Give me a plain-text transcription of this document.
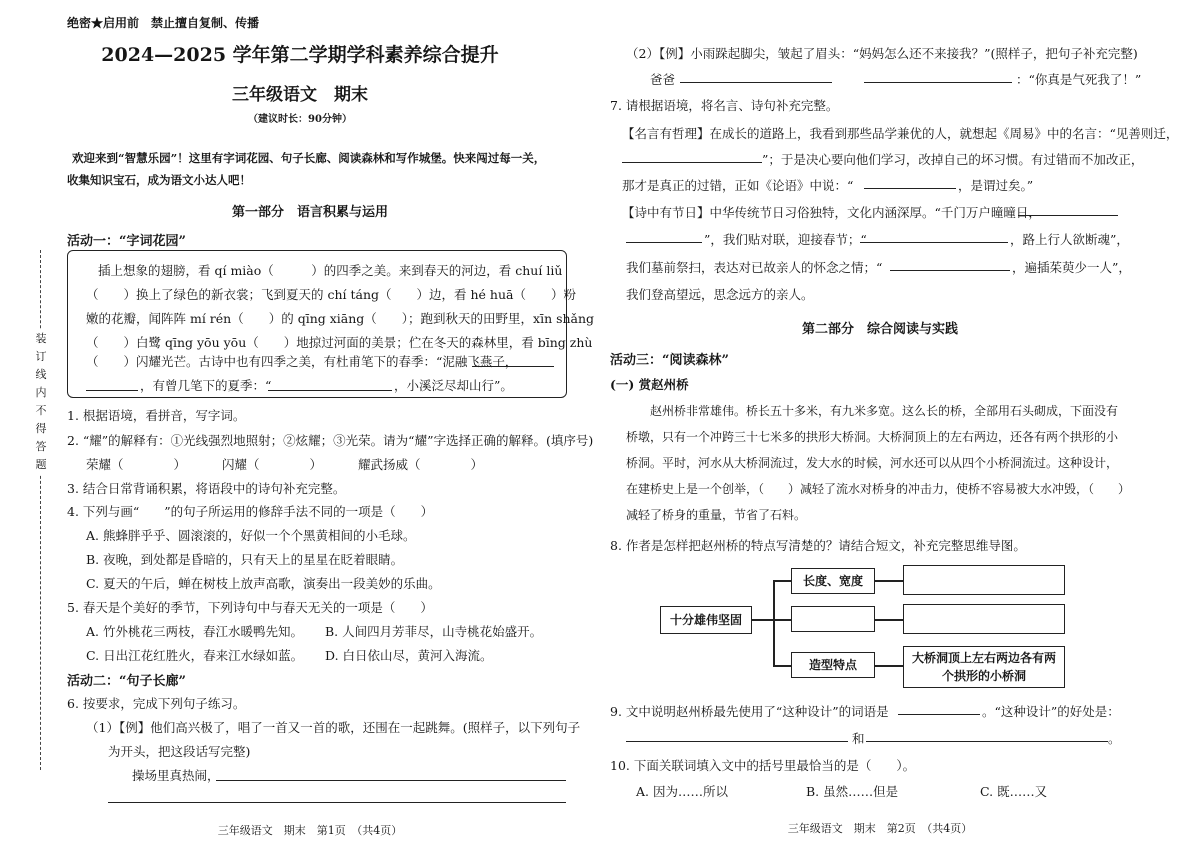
绝密★启用前　禁止擅自复制、传播
2024—2025 学年第二学期学科素养综合提升
三年级语文　期末
（建议时长：90分钟）
欢迎来到“智慧乐园”！这里有字词花园、句子长廊、阅读森林和写作城堡。快来闯过每一关，
收集知识宝石，成为语文小达人吧！
第一部分　语言积累与运用
活动一：“字词花园”
插上想象的翅膀，看 qí miào（　　　）的四季之美。来到春天的河边，看 chuí liǔ
（　　）换上了绿色的新衣裳；飞到夏天的 chí táng（　　）边，看 hé huā（　　）粉
嫩的花瓣，闻阵阵 mí rén（　　）的 qīng xiāng（　　）；跑到秋天的田野里，xīn shǎng
（　　）白鹭 qīng yōu yōu（　　）地掠过河面的美景；伫在冬天的森林里，看 bīng zhù
（　　）闪耀光芒。古诗中也有四季之美，有杜甫笔下的春季：“泥融飞燕子，
，有曾几笔下的夏季：“	，小溪泛尽却山行”。
1. 根据语境，看拼音，写字词。
2. “耀”的解释有：①光线强烈地照射；②炫耀；③光荣。请为“耀”字选择正确的解释。(填序号)
荣耀（　　　　）	闪耀（　　　　）	耀武扬威（　　　　）
3. 结合日常背诵积累，将语段中的诗句补充完整。
4. 下列与画“　　”的句子所运用的修辞手法不同的一项是（　　）
A. 熊蜂胖乎乎、圆滚滚的，好似一个个黑黄相间的小毛球。
B. 夜晚，到处都是昏暗的，只有天上的星星在眨着眼睛。
C. 夏天的午后，蝉在树枝上放声高歌，演奏出一段美妙的乐曲。
5. 春天是个美好的季节，下列诗句中与春天无关的一项是（　　）
A. 竹外桃花三两枝，春江水暖鸭先知。 B. 人间四月芳菲尽，山寺桃花始盛开。
C. 日出江花红胜火，春来江水绿如蓝。 D. 白日依山尽，黄河入海流。
活动二：“句子长廊”
6. 按要求，完成下列句子练习。
（1）【例】他们高兴极了，唱了一首又一首的歌，还围在一起跳舞。(照样子，以下列句子
为开头，把这段话写完整)
操场里真热闹，
三年级语文　期末　第1页　（共4页）
装订线内不得答题
（2）【例】小雨跺起脚尖，皱起了眉头：“妈妈怎么还不来接我？”(照样子，把句子补充完整)
爸爸	：“你真是气死我了！”
7. 请根据语境，将名言、诗句补充完整。
【名言有哲理】在成长的道路上，我看到那些品学兼优的人，就想起《周易》中的名言：“见善则迁，
”；于是决心要向他们学习，改掉自己的坏习惯。有过错而不加改正，
那才是真正的过错，正如《论语》中说：“	，是谓过矣。”
【诗中有节日】中华传统节日习俗独特，文化内涵深厚。“千门万户曈曈日，
”，我们贴对联，迎接春节；“	，路上行人欲断魂”，
我们墓前祭扫，表达对已故亲人的怀念之情；“	，遍插茱萸少一人”，
我们登高望远，思念远方的亲人。
第二部分　综合阅读与实践
活动三：“阅读森林”
(一) 赏赵州桥
赵州桥非常雄伟。桥长五十多米，有九米多宽。这么长的桥，全部用石头砌成，下面没有
桥墩，只有一个冲跨三十七米多的拱形大桥洞。大桥洞顶上的左右两边，还各有两个拱形的小
桥洞。平时，河水从大桥洞流过，发大水的时候，河水还可以从四个小桥洞流过。这种设计，
在建桥史上是一个创举，（　　）减轻了流水对桥身的冲击力，使桥不容易被大水冲毁，（　　）
减轻了桥身的重量，节省了石料。
8. 作者是怎样把赵州桥的特点写清楚的？请结合短文，补充完整思维导图。
十分雄伟坚固
长度、宽度
造型特点	大桥洞顶上左右两边各有两个拱形的小桥洞
9. 文中说明赵州桥最先使用了“这种设计”的词语是	。“这种设计”的好处是：
和	。
10. 下面关联词填入文中的括号里最恰当的是（　　）。
A. 因为……所以	B. 虽然……但是	C. 既……又
三年级语文　期末　第2页　（共4页）
